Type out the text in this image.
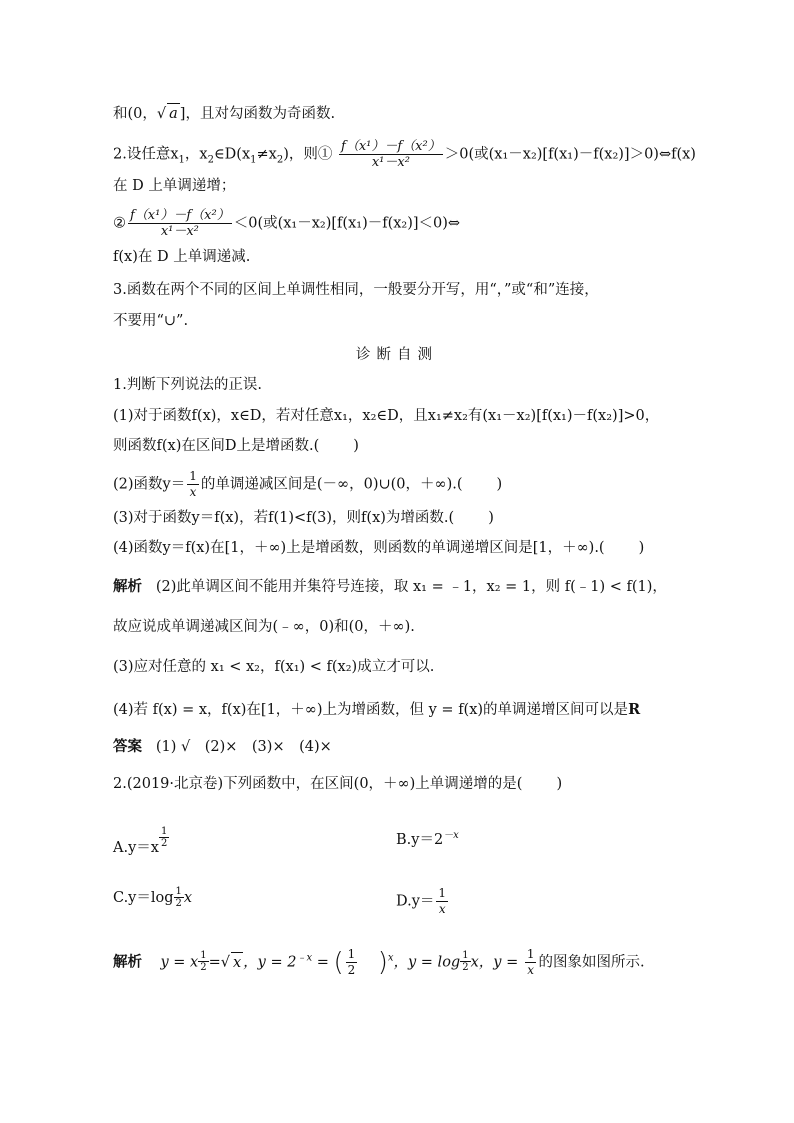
和(0，√ a ]，且对勾函数为奇函数.
2.设任意$x_1$，$x_2\in D(x_1\ne x_2)$，则① $\frac{\text{f（x¹）－f（x²）}}{\text{x¹－x²}} >0$(或(x₁－x₂)[f(x₁)－f(x₂)]＞0)⇔f(x)
在 D 上单调递增；
② $\frac{\text{f（x¹）－f（x²）}}{\text{x¹－x²}} <0$(或(x₁－x₂)[f(x₁)－f(x₂)]＜0)⇔
f(x)在 D 上单调递减.
3.函数在两个不同的区间上单调性相同，一般要分开写，用“，”或“和”连接，
不要用“∪”.
诊断自测
1.判断下列说法的正误.
(1)对于函数f(x)，x∈D，若对任意x₁，x₂∈D，且x₁≠x₂有(x₁－x₂)[f(x₁)－f(x₂)]>0，
则函数f(x)在区间D上是增函数.( )
(2)函数$y= \frac{1}{x}$ 的单调递减区间是(－∞，0)∪(0，＋∞).( )
(3)对于函数y＝f(x)，若f(1)<f(3)，则f(x)为增函数.( )
(4)函数y＝f(x)在[1，＋∞)上是增函数，则函数的单调递增区间是[1，＋∞).( )
解析 (2)此单调区间不能用并集符号连接，取 x₁ = ﹣1，x₂ = 1，则 f(﹣1) < f(1)，
故应说成单调递减区间为(﹣∞，0)和(0，＋∞).
(3)应对任意的 x₁ < x₂，f(x₁) < f(x₂)成立才可以.
(4)若 f(x) = x，f(x)在[1，＋∞)上为增函数，但 y = f(x)的单调递增区间可以是R
答案 (1) √　(2)×　(3)×　(4)×
2.(2019·北京卷)下列函数中，在区间(0，＋∞)上单调递增的是( )
$A.y=x \frac{1}{2}$	$B.y=2^{-x}$
$C.y=\log \frac{1}{2}$ x	$D.y= \frac{1}{x}$
解析 y = x $\frac{1}{2}$ =√ x ，$y = 2^{﹣x}$ = ( $\frac{1}{2} )^x$，$y = \log \frac{1}{2}$ x，$y = \frac{1}{x}$ 的图象如图所示.
